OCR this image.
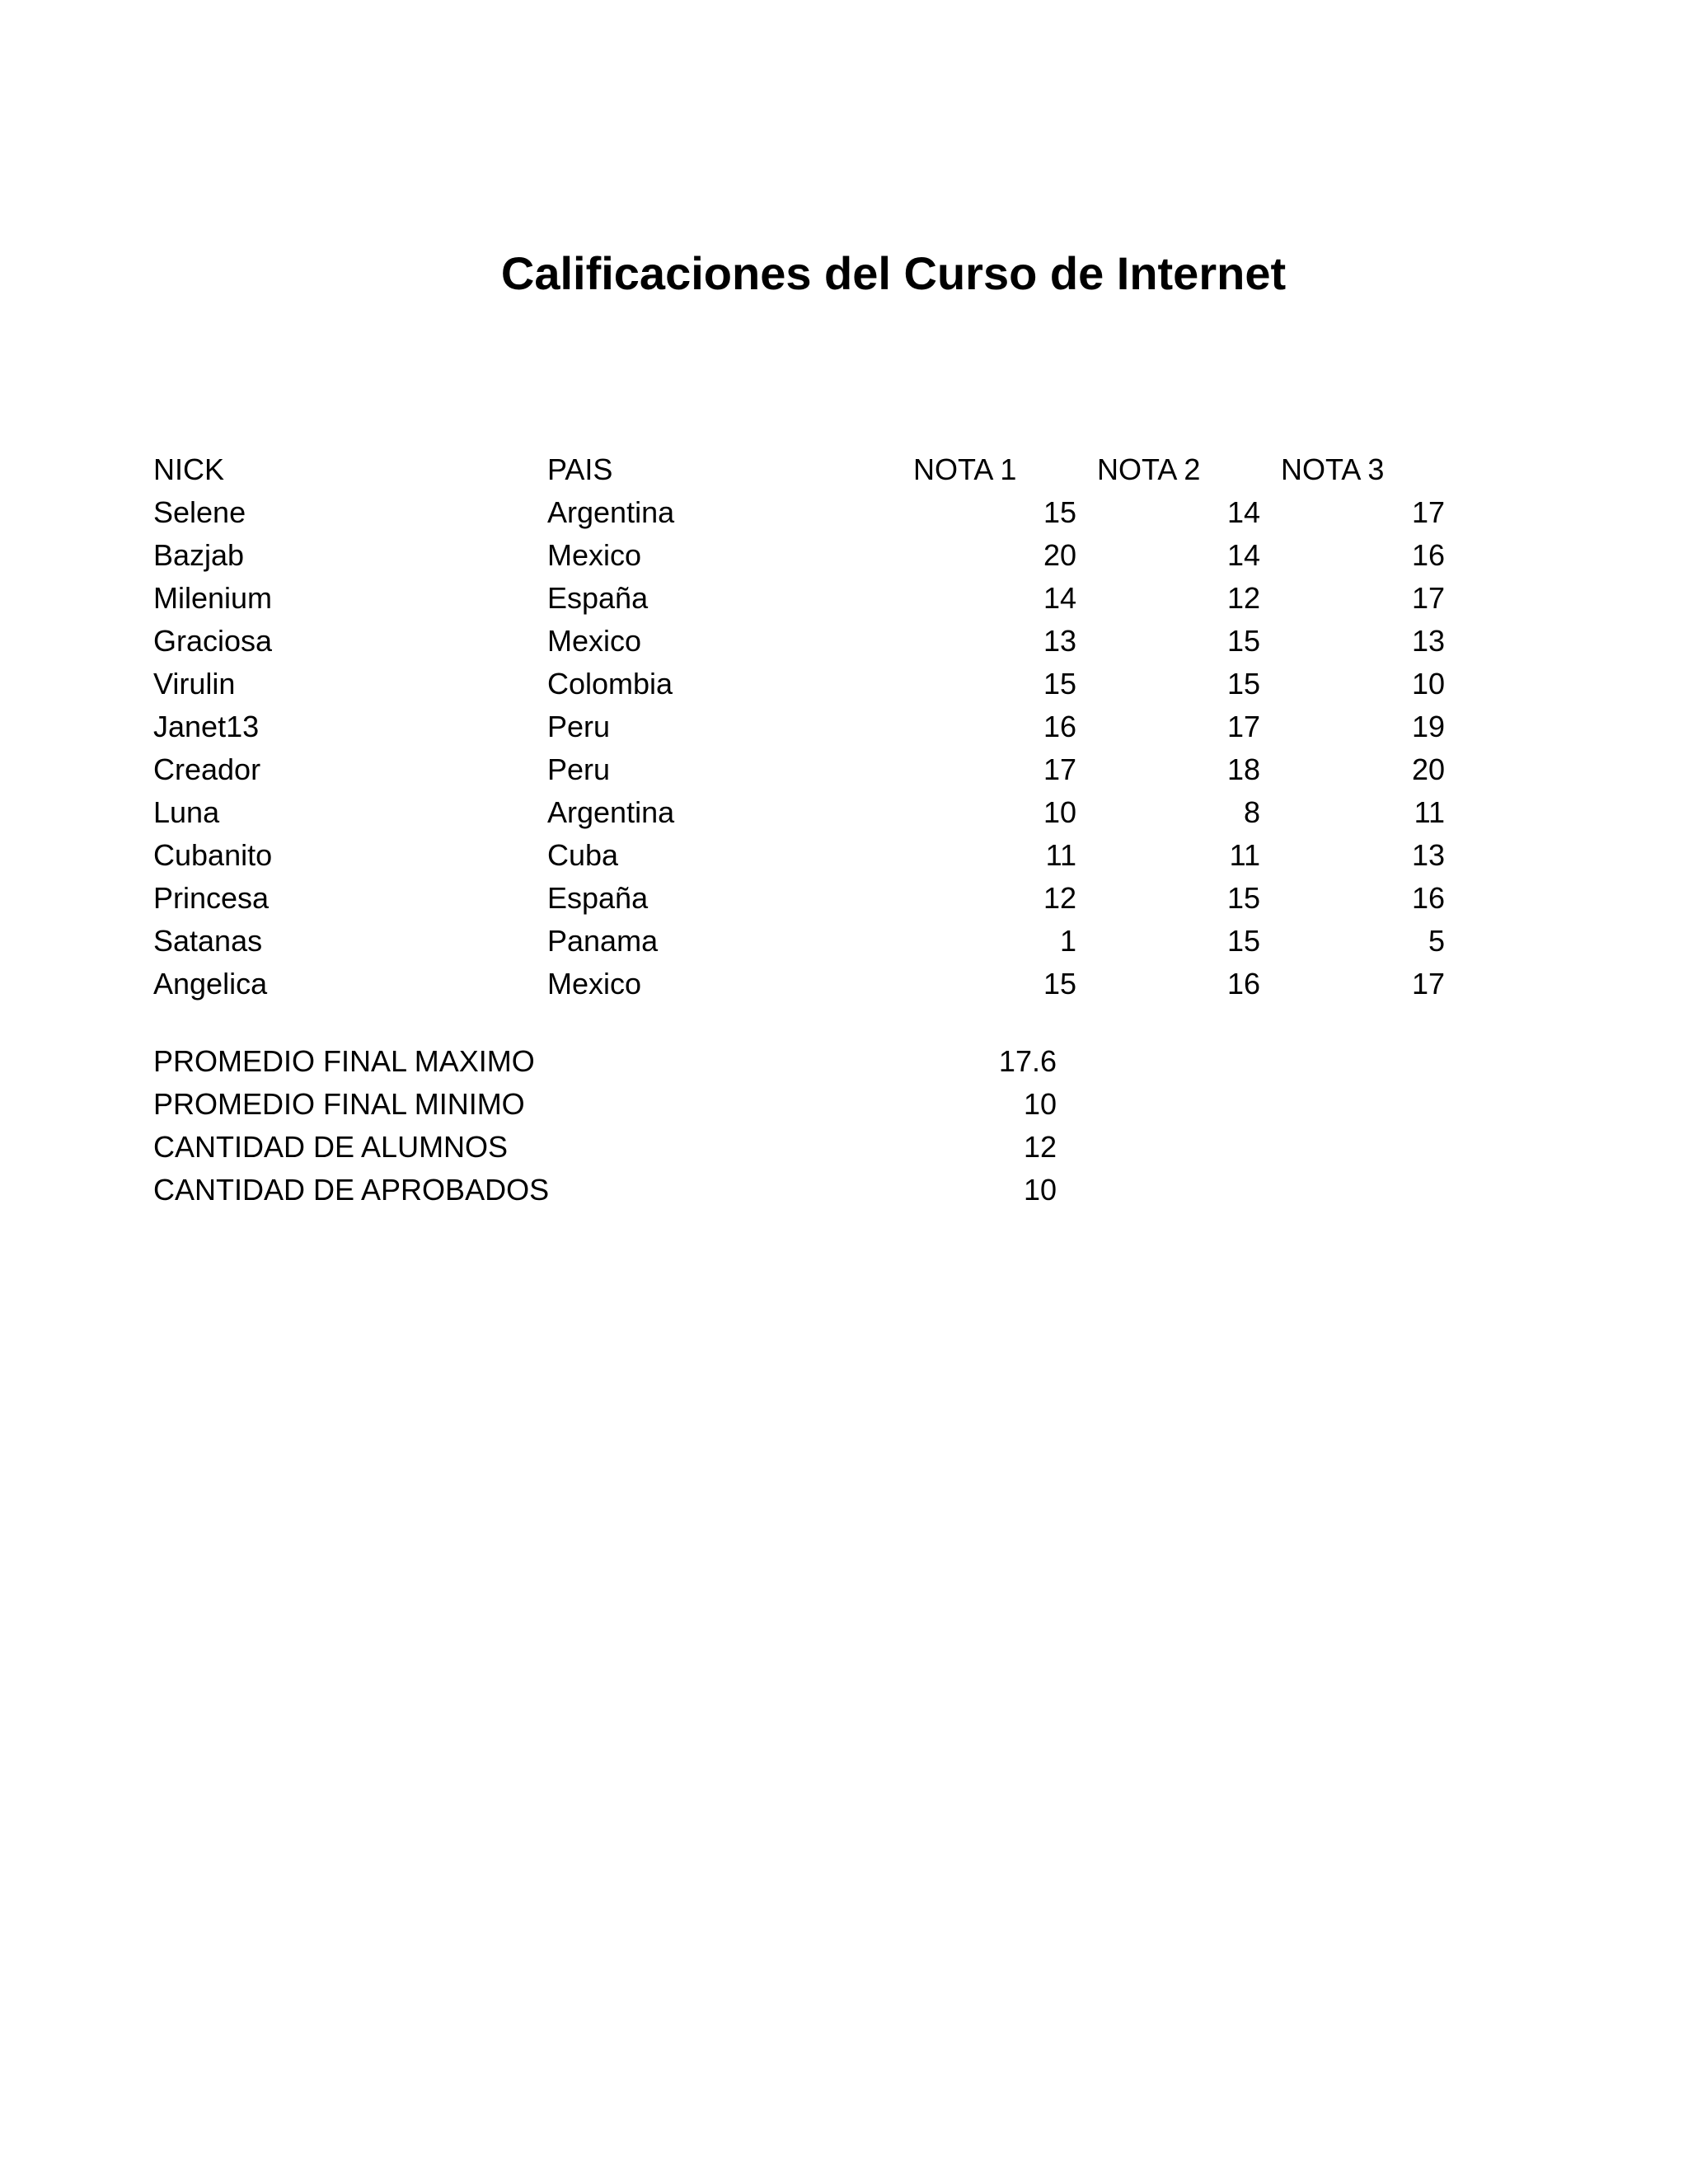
Calificaciones del Curso de Internet
NICK	PAIS	NOTA 1	NOTA 2	NOTA 3
Selene	Argentina	15	14	17
Bazjab	Mexico	20	14	16
Milenium	España	14	12	17
Graciosa	Mexico	13	15	13
Virulin	Colombia	15	15	10
Janet13	Peru	16	17	19
Creador	Peru	17	18	20
Luna	Argentina	10	8	11
Cubanito	Cuba	11	11	13
Princesa	España	12	15	16
Satanas	Panama	1	15	5
Angelica	Mexico	15	16	17
PROMEDIO FINAL MAXIMO	17.6
PROMEDIO FINAL MINIMO	10
CANTIDAD DE ALUMNOS	12
CANTIDAD DE APROBADOS	10
